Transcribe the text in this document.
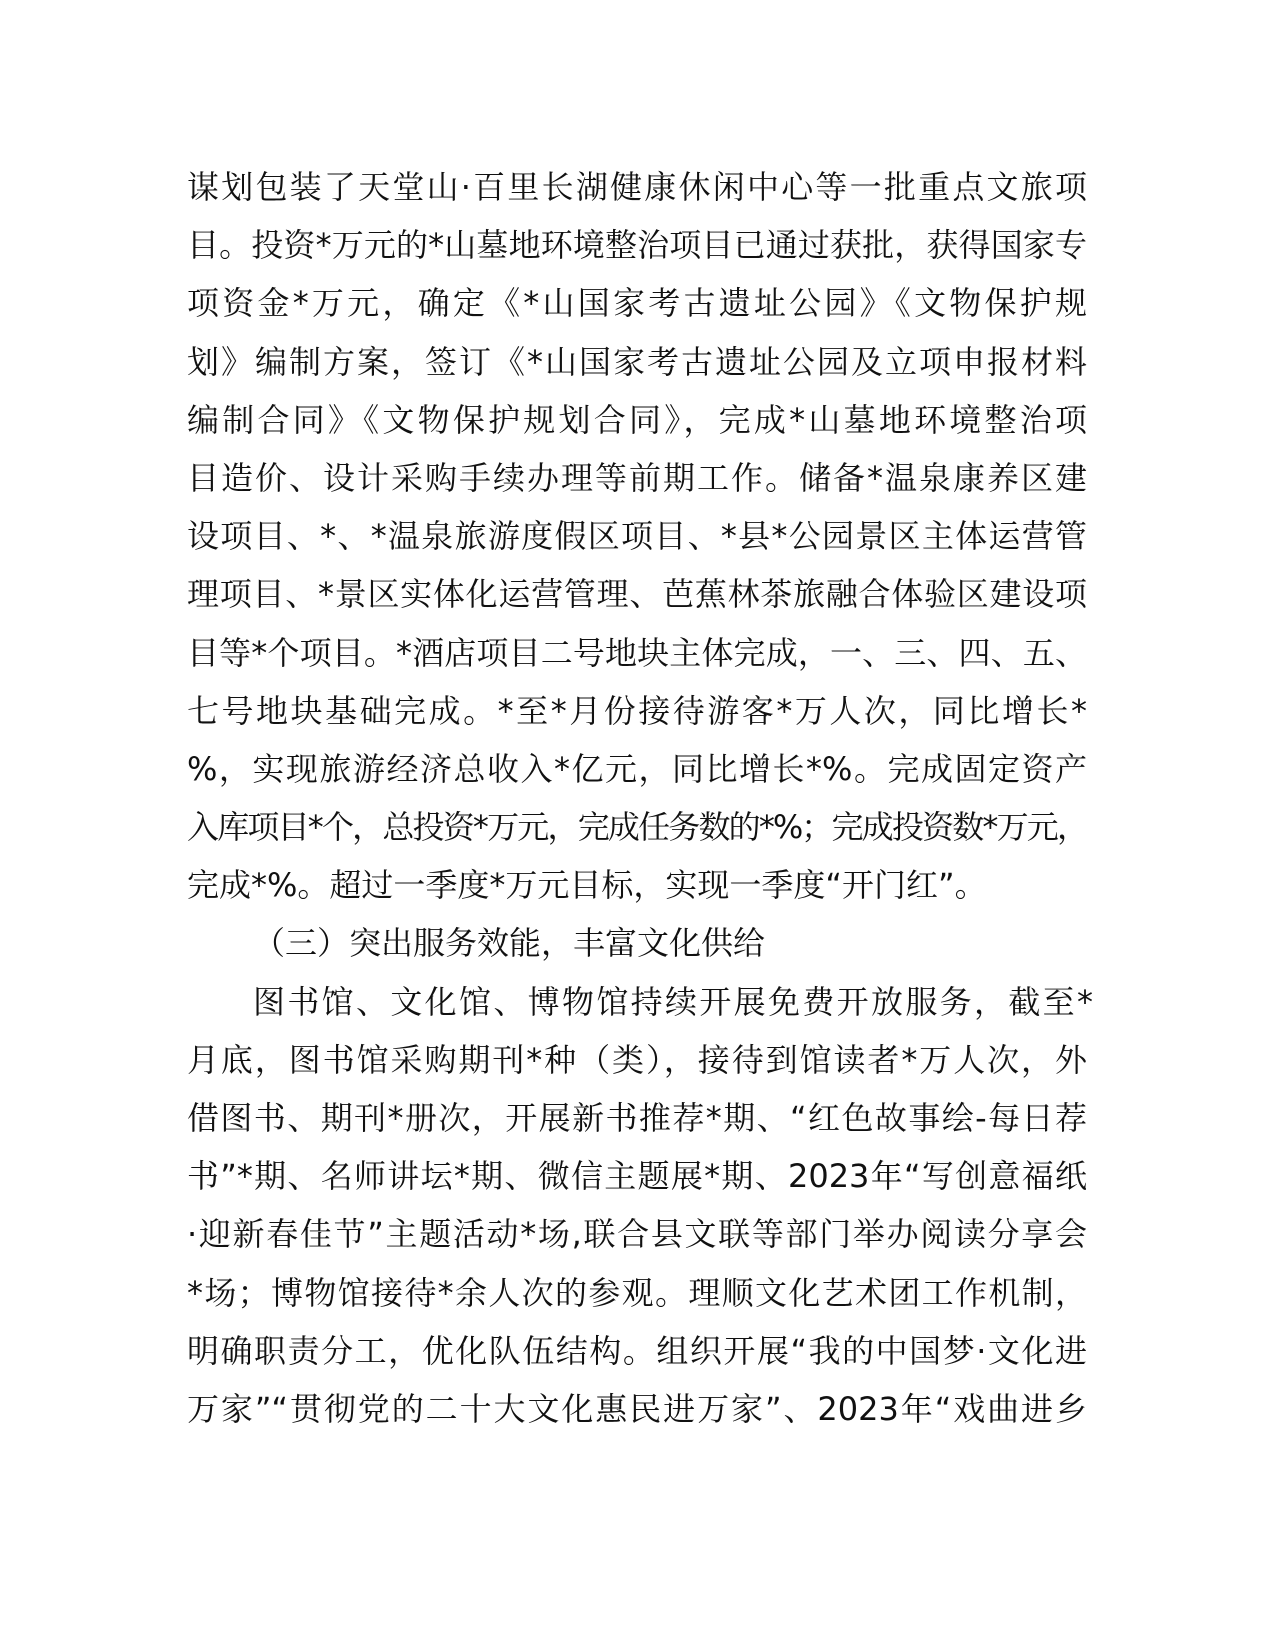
谋划包装了天堂山·百里长湖健康休闲中心等一批重点文旅项
目。投资*万元的*山墓地环境整治项目已通过获批，获得国家专
项资金*万元，确定《*山国家考古遗址公园》《文物保护规
划》编制方案，签订《*山国家考古遗址公园及立项申报材料
编制合同》《文物保护规划合同》，完成*山墓地环境整治项
目造价、设计采购手续办理等前期工作。储备*温泉康养区建
设项目、*、*温泉旅游度假区项目、*县*公园景区主体运营管
理项目、*景区实体化运营管理、芭蕉林茶旅融合体验区建设项
目等*个项目。*酒店项目二号地块主体完成，一、三、四、五、
七号地块基础完成。*至*月份接待游客*万人次，同比增长*
%，实现旅游经济总收入*亿元，同比增长*%。完成固定资产
入库项目*个，总投资*万元，完成任务数的*%；完成投资数*万元，
完成*%。超过一季度*万元目标，实现一季度“开门红”。
（三）突出服务效能，丰富文化供给
图书馆、文化馆、博物馆持续开展免费开放服务，截至*
月底，图书馆采购期刊*种（类），接待到馆读者*万人次，外
借图书、期刊*册次，开展新书推荐*期、“红色故事绘-每日荐
书”*期、名师讲坛*期、微信主题展*期、2023年“写创意福纸
·迎新春佳节”主题活动*场,联合县文联等部门举办阅读分享会
*场；博物馆接待*余人次的参观。理顺文化艺术团工作机制，
明确职责分工，优化队伍结构。组织开展“我的中国梦·文化进
万家”“贯彻党的二十大文化惠民进万家”、2023年“戏曲进乡
